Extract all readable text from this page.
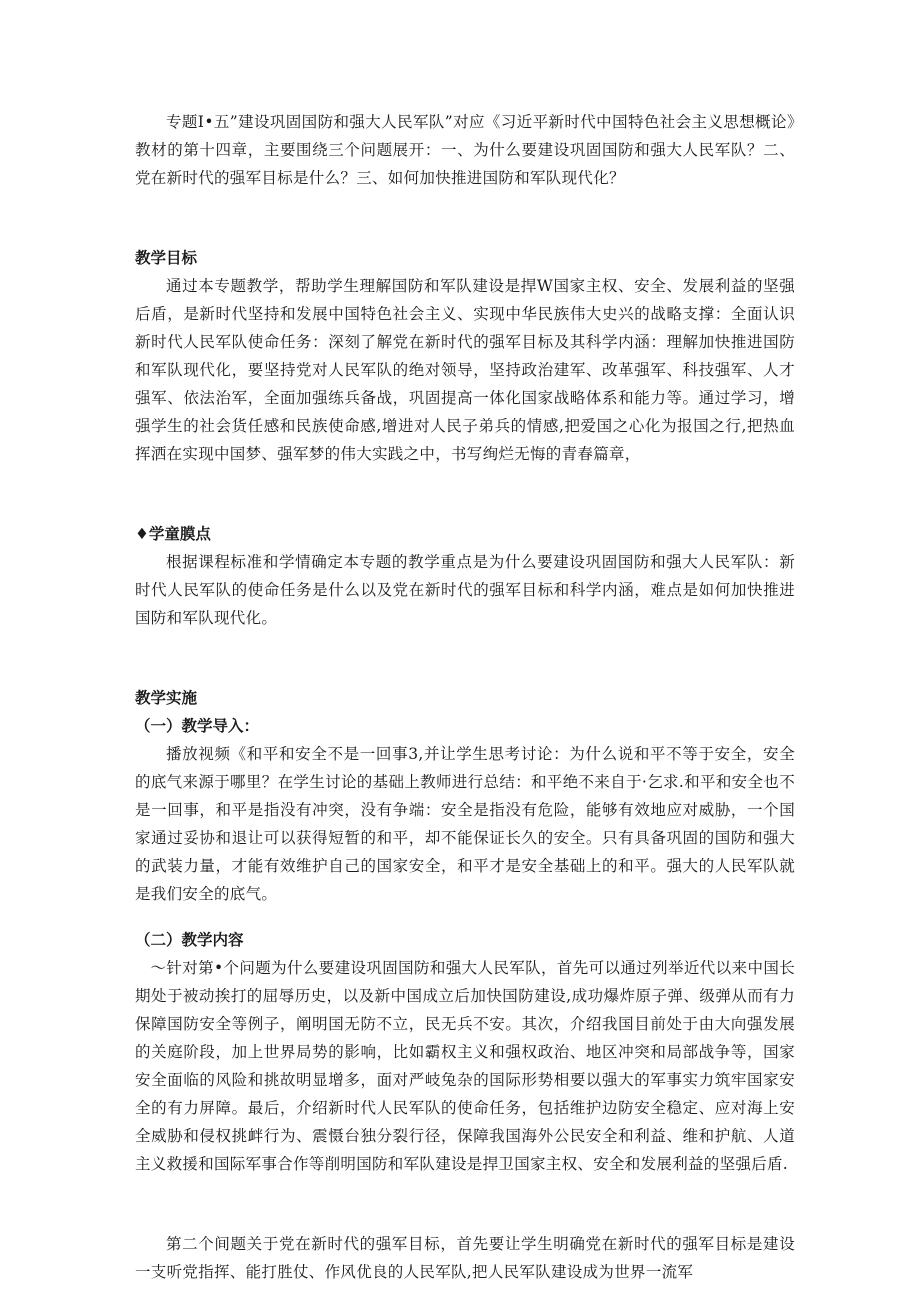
专题Ⅰ•五”建设巩固国防和强大人民军队”对应《习近平新时代中国特色社会主义思想概论》教材的第十四章，主要围绕三个问题展开：一、为什么要建设巩固国防和强大人民军队？二、党在新时代的强军目标是什么？三、如何加快推进国防和军队现代化？

教学目标

通过本专题教学，帮助学生理解国防和军队建设是捍W国家主权、安全、发展利益的坚强后盾，是新时代坚持和发展中国特色社会主义、实现中华民族伟大史兴的战略支撑：全面认识新时代人民军队使命任务：深刻了解党在新时代的强军目标及其科学内涵：理解加快推进国防和军队现代化，要坚持党对人民军队的绝对领导，坚持政治建军、改革强军、科技强军、人才强军、依法治军，全面加强练兵备战，巩固提高一体化国家战略体系和能力等。通过学习，增强学生的社会货任感和民族使命感,增进对人民子弟兵的情感,把爱国之心化为报国之行,把热血挥洒在实现中国梦、强军梦的伟大实践之中，书写绚烂无悔的青春篇章，

♦学童膜点

根据课程标准和学情确定本专题的教学重点是为什么要建设巩固国防和强大人民军队：新时代人民军队的使命任务是什么以及党在新时代的强军目标和科学内涵，难点是如何加快推进国防和军队现代化。

教学实施
（一）教学导入：

播放视频《和平和安全不是一回事3,并让学生思考讨论：为什么说和平不等于安全，安全的底气来源于哪里？在学生讨论的基础上教师进行总结：和平绝不来自于·乞求.和平和安全也不是一回事，和平是指没有冲突，没有争端：安全是指没有危险，能够有效地应对威胁，一个国家通过妥协和退让可以获得短暂的和平，却不能保证长久的安全。只有具备巩固的国防和强大的武装力量，才能有效维护自己的国家安全，和平才是安全基础上的和平。强大的人民军队就是我们安全的底气。

（二）教学内容

～针对第•个问题为什么要建设巩固国防和强大人民军队，首先可以通过列举近代以来中国长期处于被动挨打的屈辱历史，以及新中国成立后加快国防建设,成功爆炸原子弹、级弹从而有力保障国防安全等例子，阐明国无防不立，民无兵不安。其次，介绍我国目前处于由大向强发展的关庭阶段，加上世界局势的影响，比如霸权主义和强权政治、地区冲突和局部战争等，国家安全面临的风险和挑故明显增多，面对严岐兔杂的国际形势相要以强大的军事实力筑牢国家安全的有力屏障。最后，介绍新时代人民军队的使命任务，包括维护边防安全稳定、应对海上安全威胁和侵权挑衅行为、震慑台独分裂行径，保障我国海外公民安全和利益、维和护航、人道主义救援和国际军事合作等削明国防和军队建设是捍卫国家主权、安全和发展利益的坚强后盾.

第二个间题关于党在新时代的强军目标，首先要让学生明确党在新时代的强军目标是建设一支听党指挥、能打胜仗、作风优良的人民军队,把人民军队建设成为世界一流军
